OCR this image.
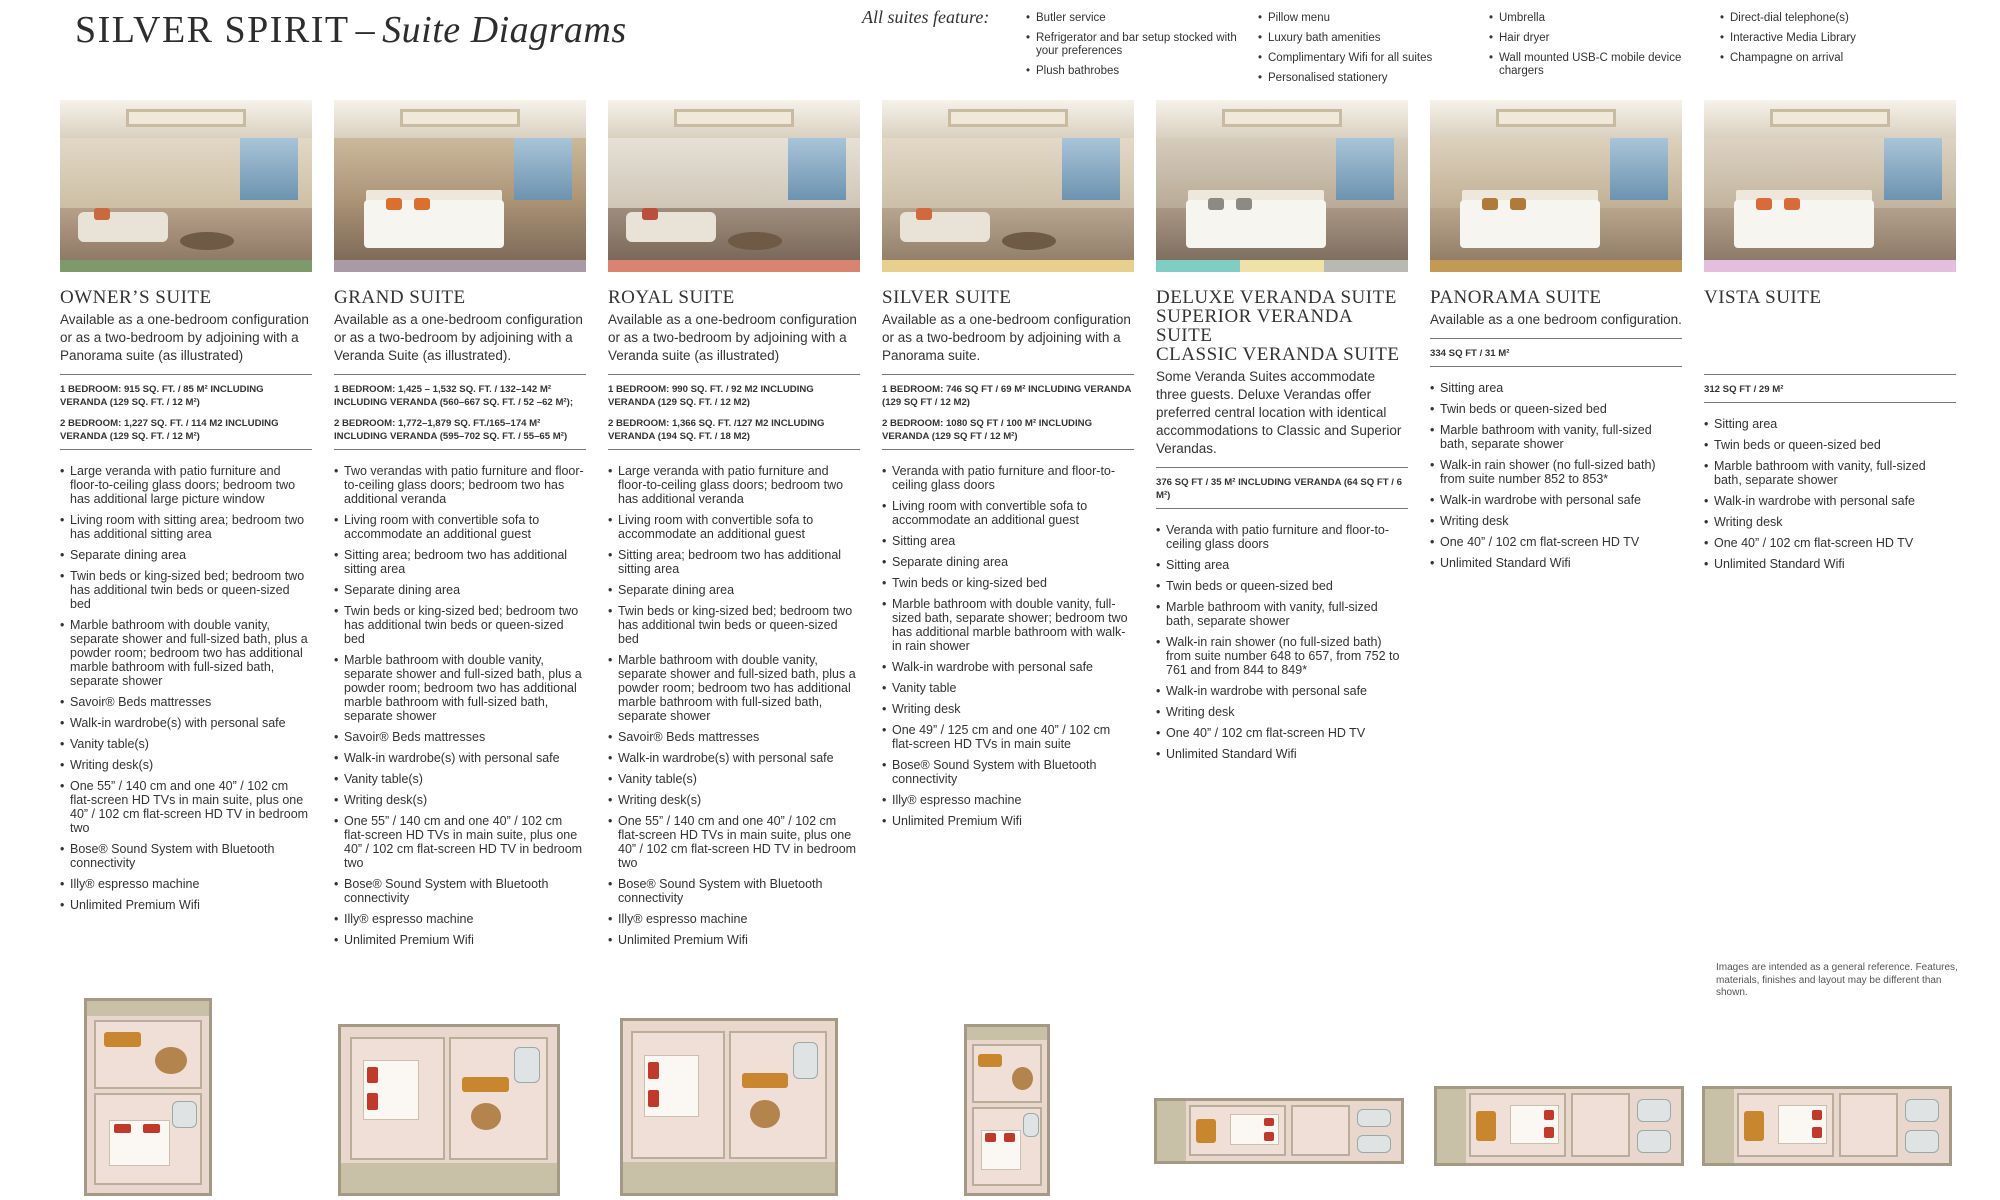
SILVER SPIRIT – Suite Diagrams	All suites feature:
•	Butler service
• Refrigerator and bar setup stocked with your preferences
• Plush bathrobes
• Pillow menu
• Luxury bath amenities
• Complimentary Wifi for all suites
• Personalised stationery
• Umbrella
• Hair dryer
• Wall mounted USB-C mobile device chargers
• Direct-dial telephone(s)
• Interactive Media Library
• Champagne on arrival
OWNER’S SUITE
Available as a one-bedroom configuration or as a two-bedroom by adjoining with a Panorama suite (as illustrated)

1 BEDROOM: 915 SQ. FT. / 85 M² INCLUDING VERANDA (129 SQ. FT. / 12 M²)

2 BEDROOM: 1,227 SQ. FT. / 114 M2 INCLUDING VERANDA (129 SQ. FT. / 12 M²)

• Large veranda with patio furniture and floor-to-ceiling glass doors; bedroom two has additional large picture window
• Living room with sitting area; bedroom two has additional sitting area
• Separate dining area
• Twin beds or king-sized bed; bedroom two has additional twin beds or queen-sized bed
• Marble bathroom with double vanity, separate shower and full-sized bath, plus a powder room; bedroom two has additional marble bathroom with full-sized bath, separate shower
• Savoir® Beds mattresses
• Walk-in wardrobe(s) with personal safe
• Vanity table(s)
• Writing desk(s)
• One 55” / 140 cm and one 40” / 102 cm flat-screen HD TVs in main suite, plus one 40” / 102 cm flat-screen HD TV in bedroom two
• Bose® Sound System with Bluetooth connectivity
• Illy® espresso machine
• Unlimited Premium Wifi
GRAND SUITE
Available as a one-bedroom configuration or as a two-bedroom by adjoining with a Veranda Suite (as illustrated).

1 BEDROOM: 1,425 – 1,532 SQ. FT. / 132–142 M² INCLUDING VERANDA (560–667 SQ. FT. / 52 –62 M²);

2 BEDROOM: 1,772–1,879 SQ. FT./165–174 M² INCLUDING VERANDA (595–702 SQ. FT. / 55–65 M²)

• Two verandas with patio furniture and floor-to-ceiling glass doors; bedroom two has additional veranda
• Living room with convertible sofa to accommodate an additional guest
• Sitting area; bedroom two has additional sitting area
• Separate dining area
• Twin beds or king-sized bed; bedroom two has additional twin beds or queen-sized bed
• Marble bathroom with double vanity, separate shower and full-sized bath, plus a powder room; bedroom two has additional marble bathroom with full-sized bath, separate shower
• Savoir® Beds mattresses
• Walk-in wardrobe(s) with personal safe
• Vanity table(s)
• Writing desk(s)
• One 55” / 140 cm and one 40” / 102 cm flat-screen HD TVs in main suite, plus one 40” / 102 cm flat-screen HD TV in bedroom two
• Bose® Sound System with Bluetooth connectivity
• Illy® espresso machine
• Unlimited Premium Wifi
ROYAL SUITE
Available as a one-bedroom configuration or as a two-bedroom by adjoining with a Veranda suite (as illustrated)

1 BEDROOM: 990 SQ. FT. / 92 M2 INCLUDING VERANDA (129 SQ. FT. / 12 M2)

2 BEDROOM: 1,366 SQ. FT. /127 M2 INCLUDING VERANDA (194 SQ. FT. / 18 M2)

• Large veranda with patio furniture and floor-to-ceiling glass doors; bedroom two has additional veranda
• Living room with convertible sofa to accommodate an additional guest
• Sitting area; bedroom two has additional sitting area
• Separate dining area
• Twin beds or king-sized bed; bedroom two has additional twin beds or queen-sized bed
• Marble bathroom with double vanity, separate shower and full-sized bath, plus a powder room; bedroom two has additional marble bathroom with full-sized bath, separate shower
• Savoir® Beds mattresses
• Walk-in wardrobe(s) with personal safe
• Vanity table(s)
• Writing desk(s)
• One 55” / 140 cm and one 40” / 102 cm flat-screen HD TVs in main suite, plus one 40” / 102 cm flat-screen HD TV in bedroom two
• Bose® Sound System with Bluetooth connectivity
• Illy® espresso machine
• Unlimited Premium Wifi
SILVER SUITE
Available as a one-bedroom configuration or as a two-bedroom by adjoining with a Panorama suite.

1 BEDROOM: 746 SQ FT / 69 M² INCLUDING VERANDA (129 SQ FT / 12 M2)

2 BEDROOM: 1080 SQ FT / 100 M² INCLUDING VERANDA (129 SQ FT / 12 M²)

• Veranda with patio furniture and floor-to-ceiling glass doors
• Living room with convertible sofa to accommodate an additional guest
• Sitting area
• Separate dining area
• Twin beds or king-sized bed
• Marble bathroom with double vanity, full-sized bath, separate shower; bedroom two has additional marble bathroom with walk-in rain shower
• Walk-in wardrobe with personal safe
• Vanity table
• Writing desk
• One 49” / 125 cm and one 40” / 102 cm flat-screen HD TVs in main suite
• Bose® Sound System with Bluetooth connectivity
• Illy® espresso machine
• Unlimited Premium Wifi
DELUXE VERANDA SUITE
SUPERIOR VERANDA SUITE
CLASSIC VERANDA SUITE
Some Veranda Suites accommodate three guests. Deluxe Verandas offer preferred central location with identical accommodations to Classic and Superior Verandas.

376 SQ FT / 35 M² INCLUDING VERANDA (64 SQ FT / 6 M²)

• Veranda with patio furniture and floor-to-ceiling glass doors
• Sitting area
• Twin beds or queen-sized bed
• Marble bathroom with vanity, full-sized bath, separate shower
• Walk-in rain shower (no full-sized bath) from suite number 648 to 657, from 752 to 761 and from 844 to 849*
• Walk-in wardrobe with personal safe
• Writing desk
• One 40” / 102 cm flat-screen HD TV
• Unlimited Standard Wifi
PANORAMA SUITE
Available as a one bedroom configuration.

334 SQ FT / 31 M²

• Sitting area
• Twin beds or queen-sized bed
• Marble bathroom with vanity, full-sized bath, separate shower
• Walk-in rain shower (no full-sized bath) from suite number 852 to 853*
• Walk-in wardrobe with personal safe
• Writing desk
• One 40” / 102 cm flat-screen HD TV
• Unlimited Standard Wifi
VISTA SUITE

312 SQ FT / 29 M²

• Sitting area
• Twin beds or queen-sized bed
• Marble bathroom with vanity, full-sized bath, separate shower
• Walk-in wardrobe with personal safe
• Writing desk
• One 40” / 102 cm flat-screen HD TV
• Unlimited Standard Wifi
Images are intended as a general reference. Features, materials, finishes and layout may be different than shown.
